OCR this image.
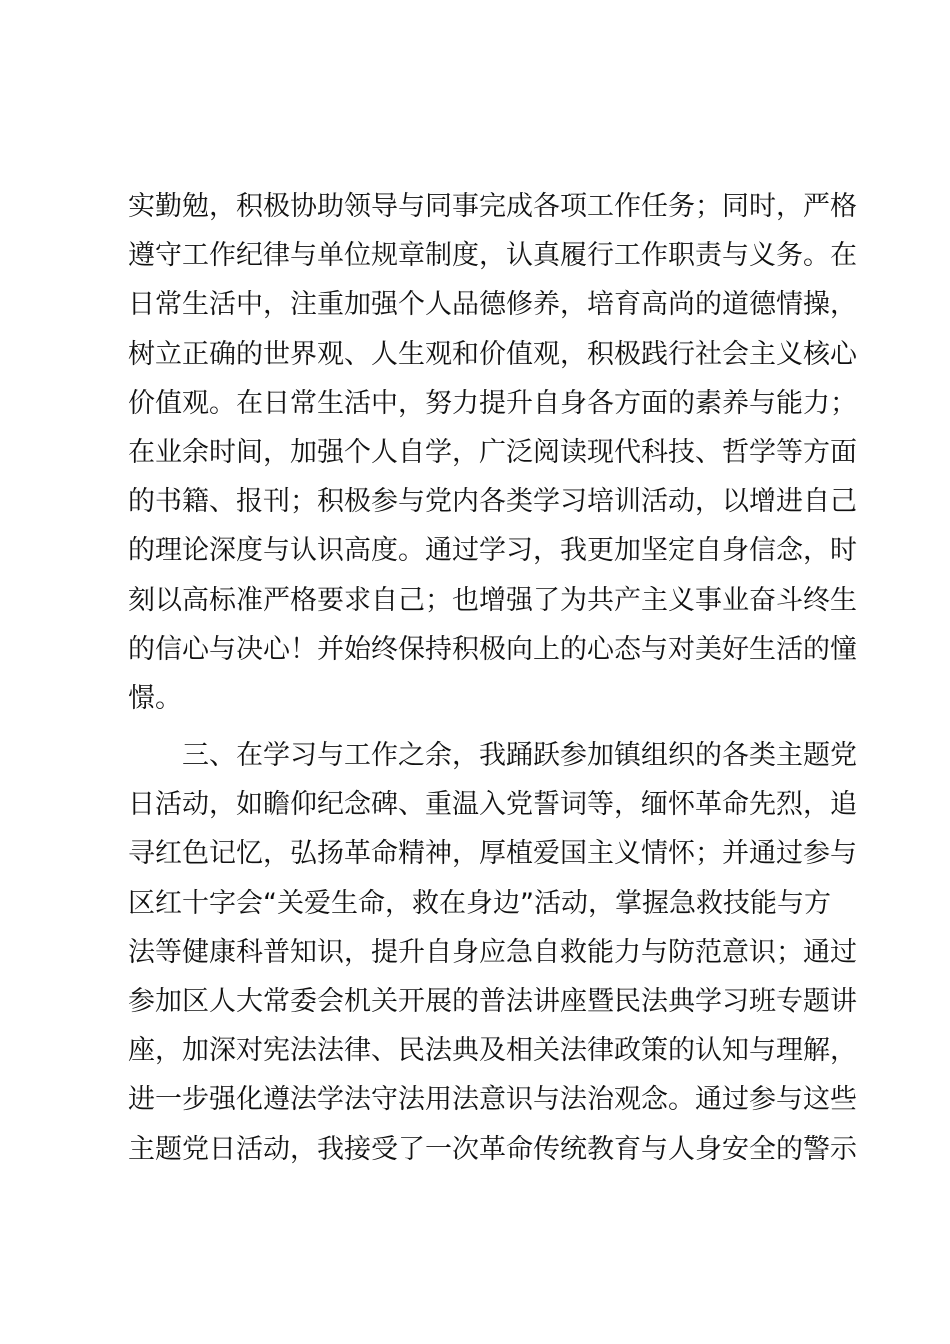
实勤勉，积极协助领导与同事完成各项工作任务；同时，严格
遵守工作纪律与单位规章制度，认真履行工作职责与义务。在
日常生活中，注重加强个人品德修养，培育高尚的道德情操，
树立正确的世界观、人生观和价值观，积极践行社会主义核心
价值观。在日常生活中，努力提升自身各方面的素养与能力；
在业余时间，加强个人自学，广泛阅读现代科技、哲学等方面
的书籍、报刊；积极参与党内各类学习培训活动，以增进自己
的理论深度与认识高度。通过学习，我更加坚定自身信念，时
刻以高标准严格要求自己；也增强了为共产主义事业奋斗终生
的信心与决心！并始终保持积极向上的心态与对美好生活的憧
憬。
　　三、在学习与工作之余，我踊跃参加镇组织的各类主题党
日活动，如瞻仰纪念碑、重温入党誓词等，缅怀革命先烈，追
寻红色记忆，弘扬革命精神，厚植爱国主义情怀；并通过参与
区红十字会“关爱生命，救在身边”活动，掌握急救技能与方
法等健康科普知识，提升自身应急自救能力与防范意识；通过
参加区人大常委会机关开展的普法讲座暨民法典学习班专题讲
座，加深对宪法法律、民法典及相关法律政策的认知与理解，
进一步强化遵法学法守法用法意识与法治观念。通过参与这些
主题党日活动，我接受了一次革命传统教育与人身安全的警示
